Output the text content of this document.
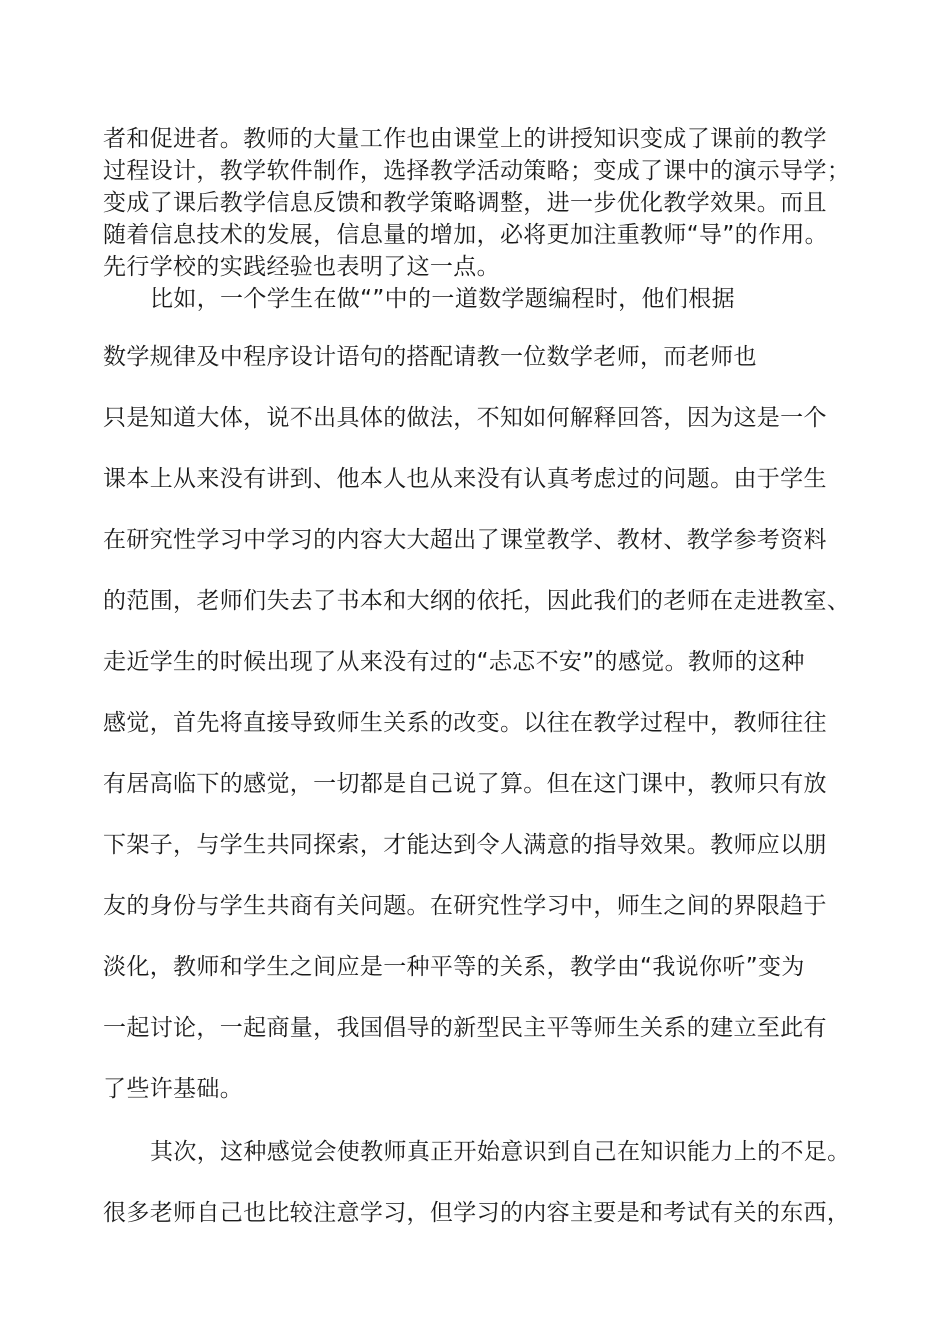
者和促进者。教师的大量工作也由课堂上的讲授知识变成了课前的教学
过程设计，教学软件制作，选择教学活动策略；变成了课中的演示导学；
变成了课后教学信息反馈和教学策略调整，进一步优化教学效果。而且
随着信息技术的发展，信息量的增加，必将更加注重教师“导”的作用。
先行学校的实践经验也表明了这一点。
比如，一个学生在做“”中的一道数学题编程时，他们根据
数学规律及中程序设计语句的搭配请教一位数学老师，而老师也
只是知道大体，说不出具体的做法，不知如何解释回答，因为这是一个
课本上从来没有讲到、他本人也从来没有认真考虑过的问题。由于学生
在研究性学习中学习的内容大大超出了课堂教学、教材、教学参考资料
的范围，老师们失去了书本和大纲的依托，因此我们的老师在走进教室、
走近学生的时候出现了从来没有过的“忐忑不安”的感觉。教师的这种
感觉，首先将直接导致师生关系的改变。以往在教学过程中，教师往往
有居高临下的感觉，一切都是自己说了算。但在这门课中，教师只有放
下架子，与学生共同探索，才能达到令人满意的指导效果。教师应以朋
友的身份与学生共商有关问题。在研究性学习中，师生之间的界限趋于
淡化，教师和学生之间应是一种平等的关系，教学由“我说你听”变为
一起讨论，一起商量，我国倡导的新型民主平等师生关系的建立至此有
了些许基础。
其次，这种感觉会使教师真正开始意识到自己在知识能力上的不足。
很多老师自己也比较注意学习，但学习的内容主要是和考试有关的东西，
